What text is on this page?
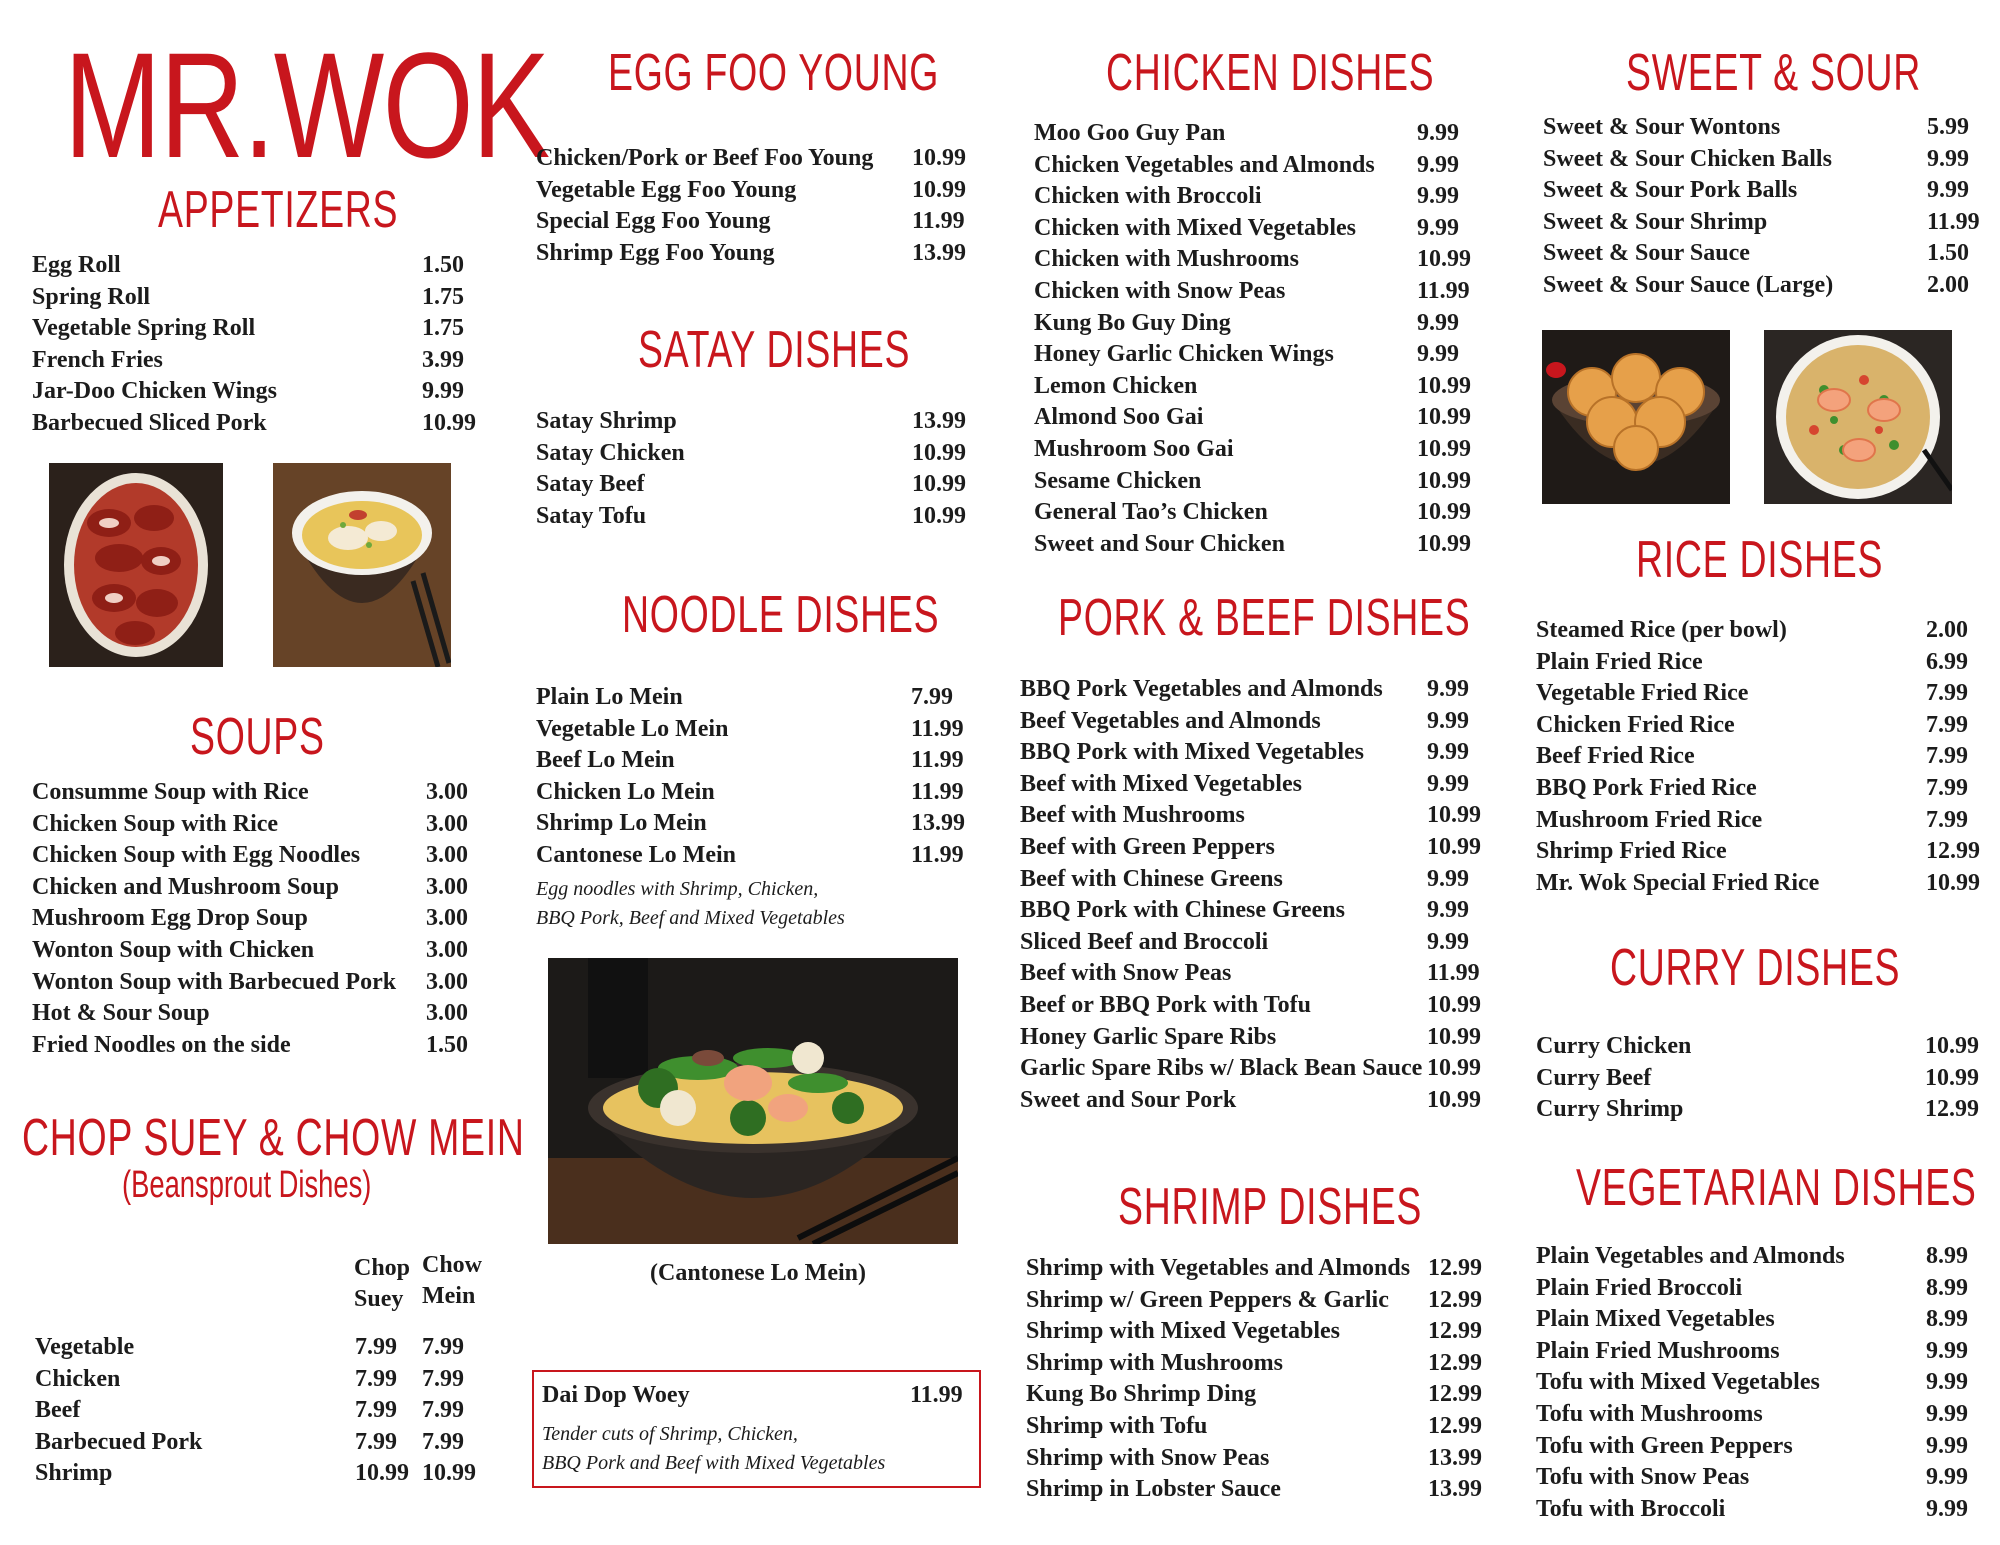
MR.WOK
APPETIZERS
Egg Roll	1.50
Spring Roll	1.75
Vegetable Spring Roll	1.75
French Fries	3.99
Jar-Doo Chicken Wings	9.99
Barbecued Sliced Pork	10.99
SOUPS
Consumme Soup with Rice	3.00
Chicken Soup with Rice	3.00
Chicken Soup with Egg Noodles	3.00
Chicken and Mushroom Soup	3.00
Mushroom Egg Drop Soup	3.00
Wonton Soup with Chicken	3.00
Wonton Soup with Barbecued Pork 3.00
Hot & Sour Soup	3.00
Fried Noodles on the side	1.50
CHOP SUEY & CHOW MEIN
(Beansprout Dishes)
Chop
Suey
Chow
Mein
Vegetable	7.99 7.99
Chicken	7.99 7.99
Beef	7.99 7.99
Barbecued Pork	7.99 7.99
Shrimp	10.99 10.99
EGG FOO YOUNG
Chicken/Pork or Beef Foo Young 10.99
Vegetable Egg Foo Young	10.99
Special Egg Foo Young	11.99
Shrimp Egg Foo Young	13.99
SATAY DISHES
Satay Shrimp	13.99
Satay Chicken	10.99
Satay Beef	10.99
Satay Tofu	10.99
NOODLE DISHES
Plain Lo Mein	7.99
Vegetable Lo Mein	11.99
Beef Lo Mein	11.99
Chicken Lo Mein	11.99
Shrimp Lo Mein	13.99
Cantonese Lo Mein	11.99
Egg noodles with Shrimp, Chicken,
BBQ Pork, Beef and Mixed Vegetables
(Cantonese Lo Mein)
Dai Dop Woey	11.99
Tender cuts of Shrimp, Chicken,
BBQ Pork and Beef with Mixed Vegetables
CHICKEN DISHES
Moo Goo Guy Pan	9.99
Chicken Vegetables and Almonds 9.99
Chicken with Broccoli	9.99
Chicken with Mixed Vegetables	9.99
Chicken with Mushrooms	10.99
Chicken with Snow Peas	11.99
Kung Bo Guy Ding	9.99
Honey Garlic Chicken Wings	9.99
Lemon Chicken	10.99
Almond Soo Gai	10.99
Mushroom Soo Gai	10.99
Sesame Chicken	10.99
General Tao’s Chicken	10.99
Sweet and Sour Chicken	10.99
PORK & BEEF DISHES
BBQ Pork Vegetables and Almonds 9.99
Beef Vegetables and Almonds	9.99
BBQ Pork with Mixed Vegetables	9.99
Beef with Mixed Vegetables	9.99
Beef with Mushrooms	10.99
Beef with Green Peppers	10.99
Beef with Chinese Greens	9.99
BBQ Pork with Chinese Greens	9.99
Sliced Beef and Broccoli	9.99
Beef with Snow Peas	11.99
Beef or BBQ Pork with Tofu	10.99
Honey Garlic Spare Ribs	10.99
Garlic Spare Ribs w/ Black Bean Sauce 10.99
Sweet and Sour Pork	10.99
SHRIMP DISHES
Shrimp with Vegetables and Almonds 12.99
Shrimp w/ Green Peppers & Garlic 12.99
Shrimp with Mixed Vegetables	12.99
Shrimp with Mushrooms	12.99
Kung Bo Shrimp Ding	12.99
Shrimp with Tofu	12.99
Shrimp with Snow Peas	13.99
Shrimp in Lobster Sauce	13.99
SWEET & SOUR
Sweet & Sour Wontons	5.99
Sweet & Sour Chicken Balls	9.99
Sweet & Sour Pork Balls	9.99
Sweet & Sour Shrimp	11.99
Sweet & Sour Sauce	1.50
Sweet & Sour Sauce (Large)	2.00
RICE DISHES
Steamed Rice (per bowl)	2.00
Plain Fried Rice	6.99
Vegetable Fried Rice	7.99
Chicken Fried Rice	7.99
Beef Fried Rice	7.99
BBQ Pork Fried Rice	7.99
Mushroom Fried Rice	7.99
Shrimp Fried Rice	12.99
Mr. Wok Special Fried Rice	10.99
CURRY DISHES
Curry Chicken	10.99
Curry Beef	10.99
Curry Shrimp	12.99
VEGETARIAN DISHES
Plain Vegetables and Almonds	8.99
Plain Fried Broccoli	8.99
Plain Mixed Vegetables	8.99
Plain Fried Mushrooms	9.99
Tofu with Mixed Vegetables	9.99
Tofu with Mushrooms	9.99
Tofu with Green Peppers	9.99
Tofu with Snow Peas	9.99
Tofu with Broccoli	9.99
